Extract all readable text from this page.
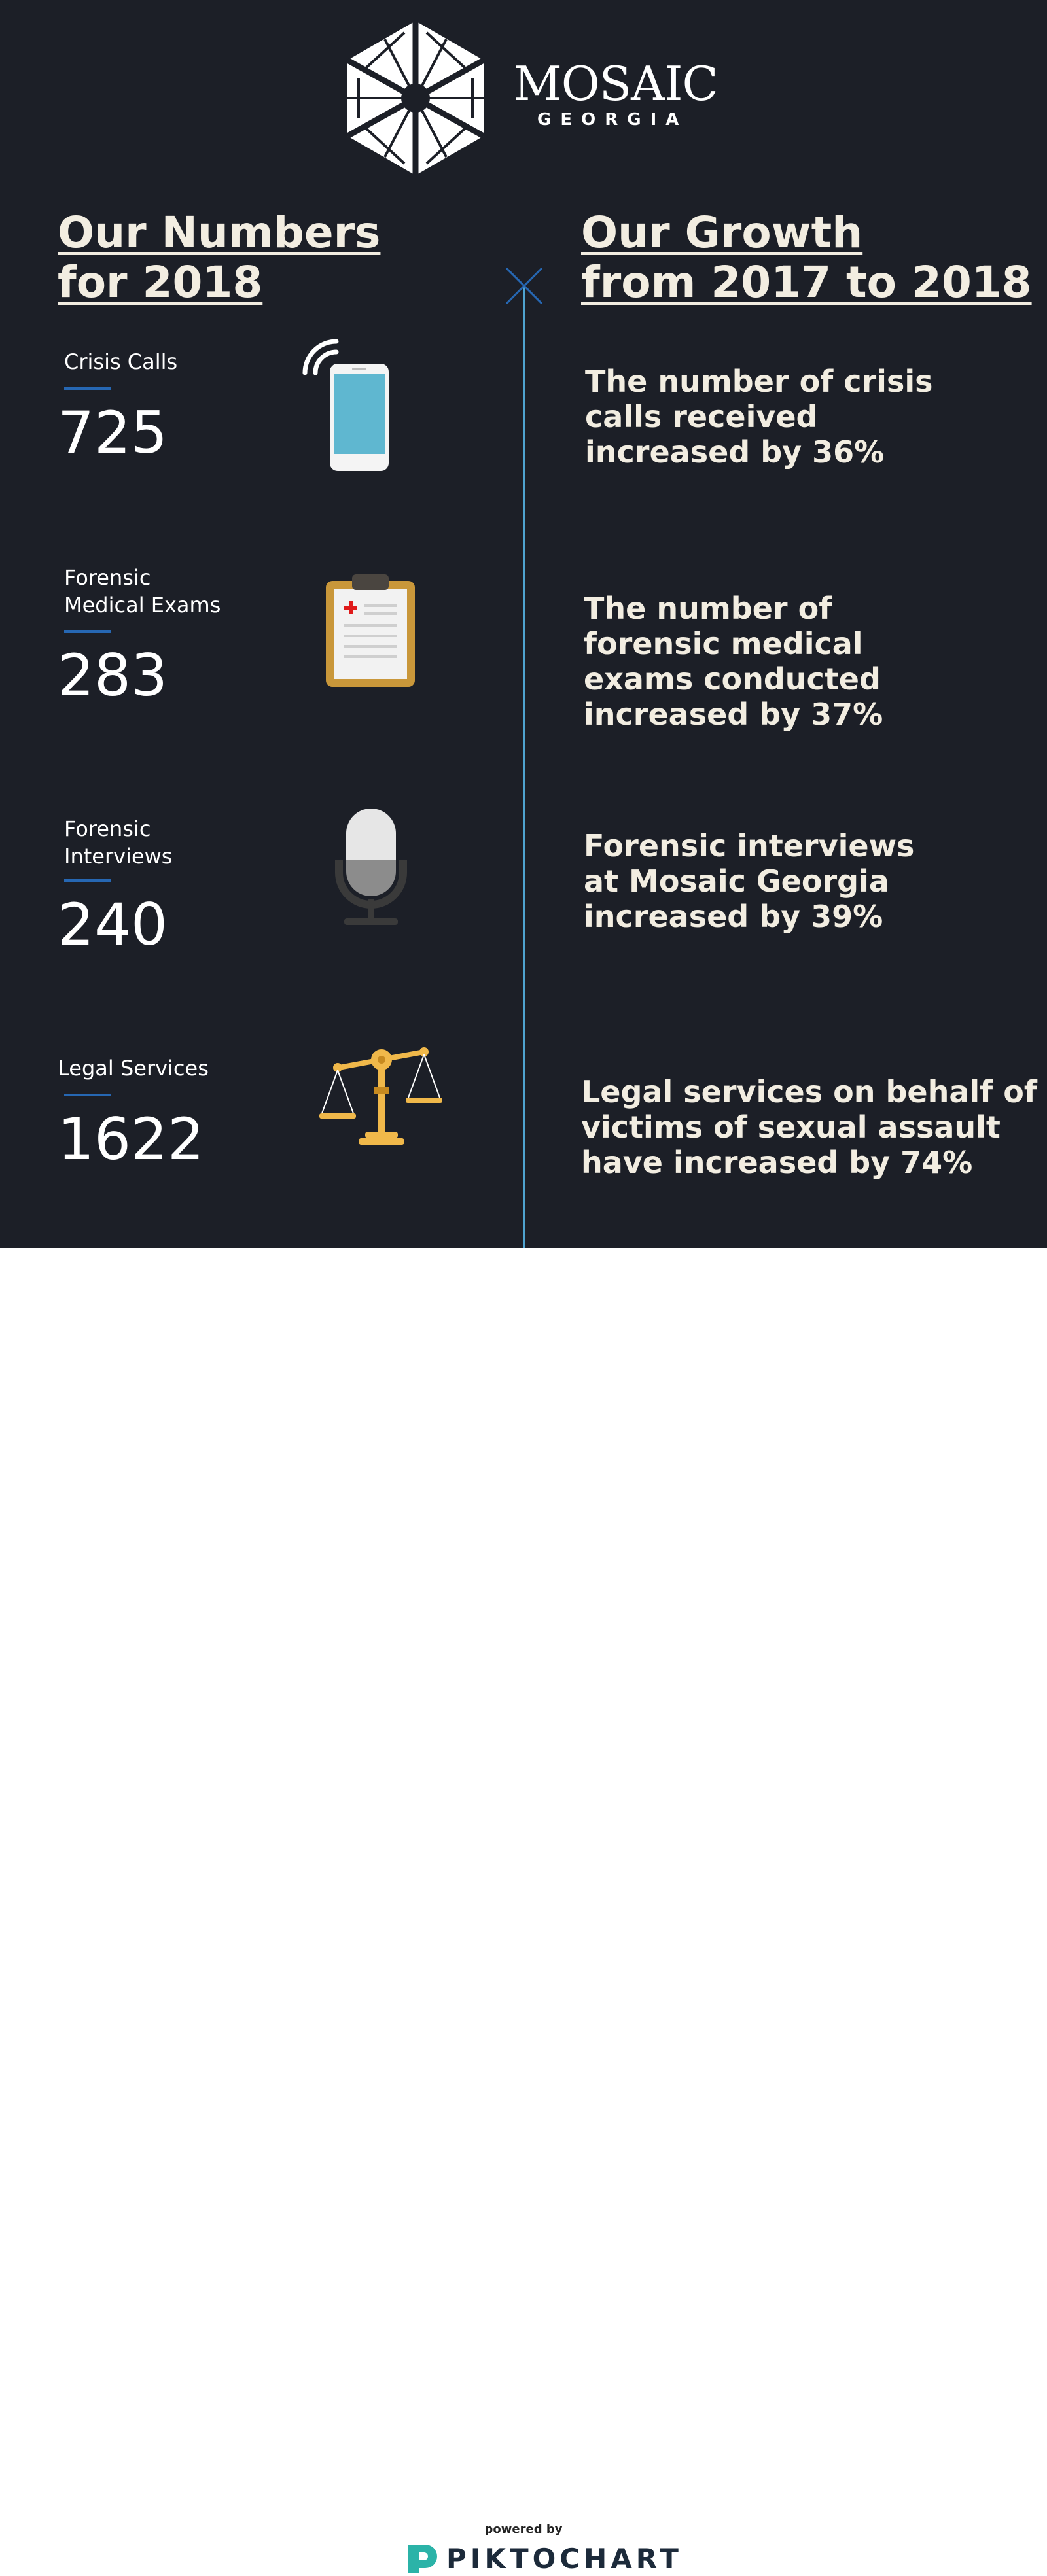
MOSAIC
GEORGIA
Our Numbers
for 2018
Our Growth
from 2017 to 2018
Crisis Calls
725
Forensic
Medical Exams
283
Forensic
Interviews
240
Legal Services
1622
The number of crisis
calls received
increased by 36%
The number of
forensic medical
exams conducted
increased by 37%
Forensic interviews
at Mosaic Georgia
increased by 39%
Legal services on behalf of
victims of sexual assault
have increased by 74%
powered by
PIKTOCHART
